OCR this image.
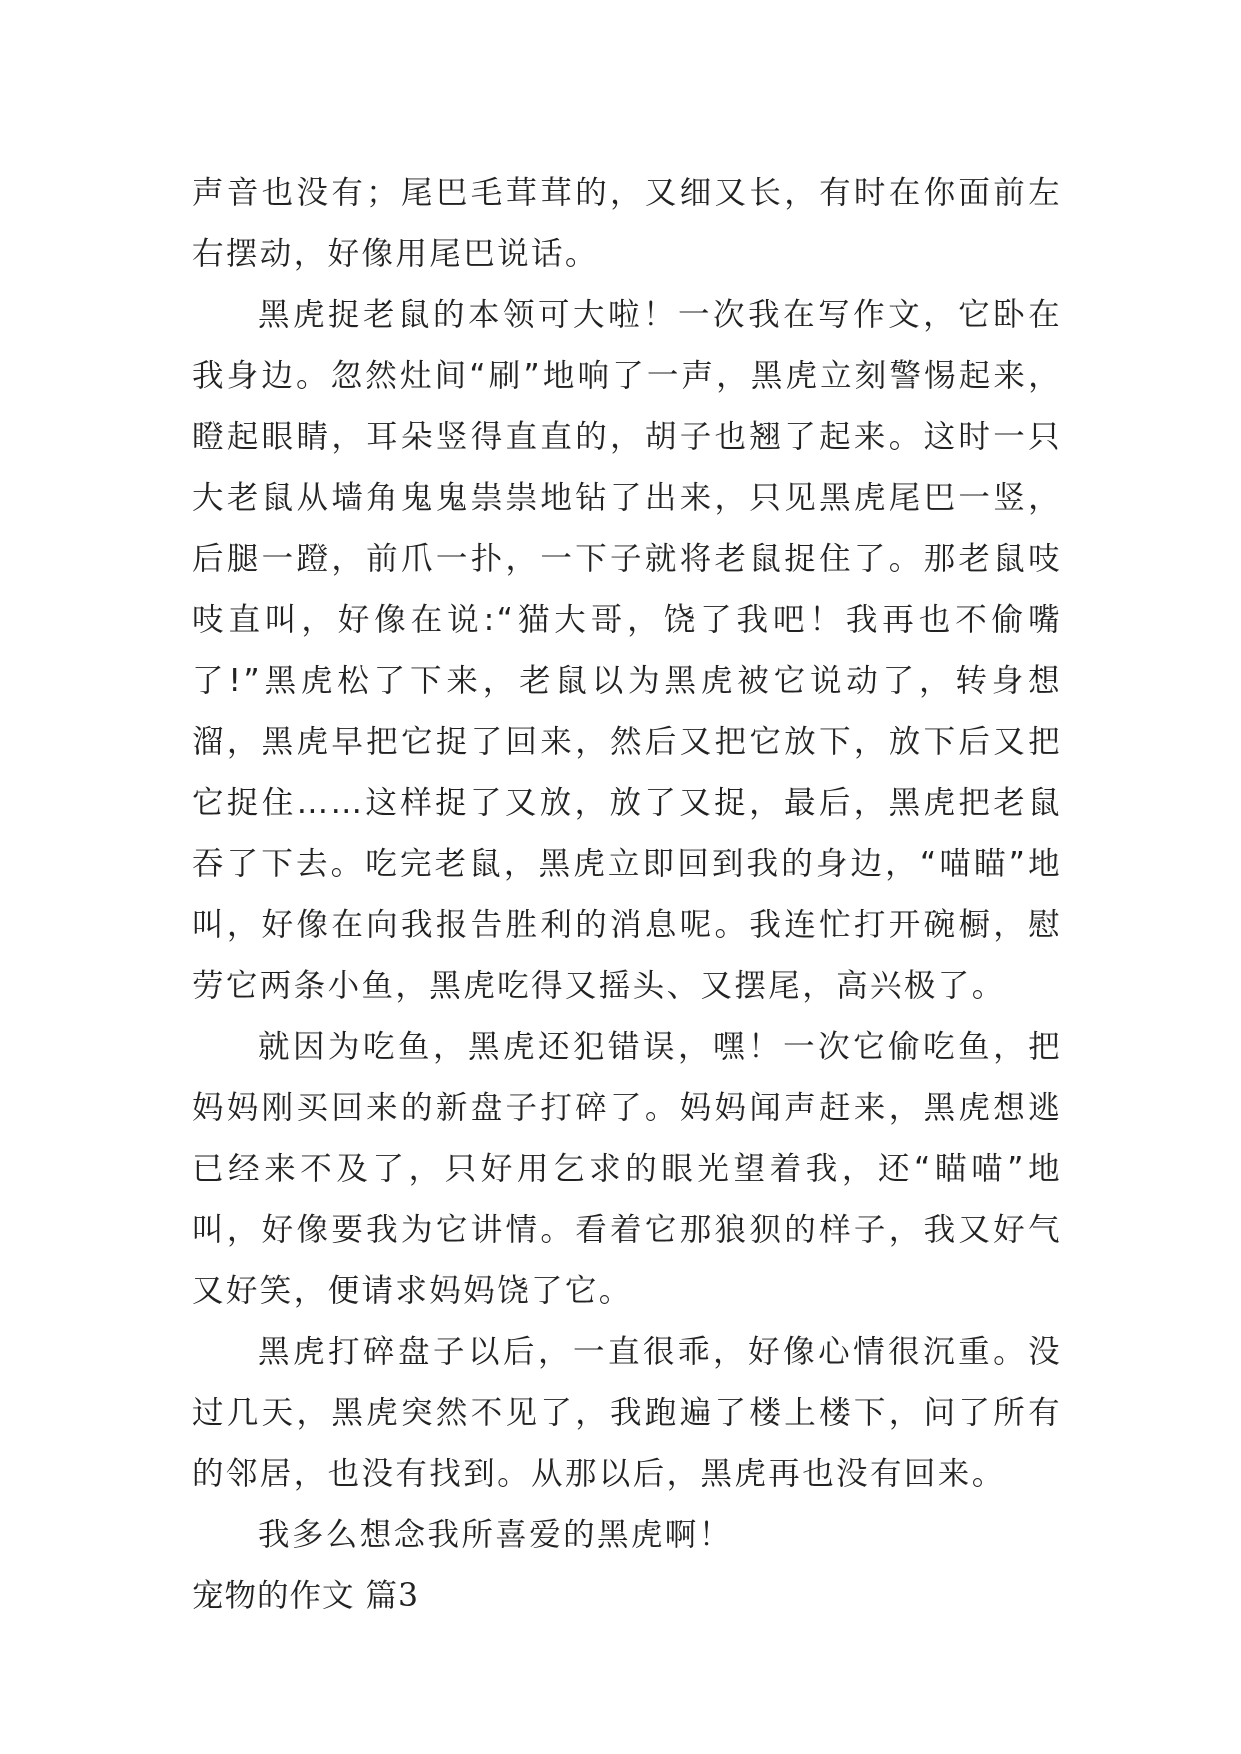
声音也没有；尾巴毛茸茸的，又细又长，有时在你面前左右摆动，好像用尾巴说话。

黑虎捉老鼠的本领可大啦！一次我在写作文，它卧在我身边。忽然灶间“刷”地响了一声，黑虎立刻警惕起来，瞪起眼睛，耳朵竖得直直的，胡子也翘了起来。这时一只大老鼠从墙角鬼鬼祟祟地钻了出来，只见黑虎尾巴一竖，后腿一蹬，前爪一扑，一下子就将老鼠捉住了。那老鼠吱吱直叫，好像在说:“猫大哥，饶了我吧！我再也不偷嘴了!”黑虎松了下来，老鼠以为黑虎被它说动了，转身想溜，黑虎早把它捉了回来，然后又把它放下，放下后又把它捉住……这样捉了又放，放了又捉，最后，黑虎把老鼠吞了下去。吃完老鼠，黑虎立即回到我的身边，“喵瞄”地叫，好像在向我报告胜利的消息呢。我连忙打开碗橱，慰劳它两条小鱼，黑虎吃得又摇头、又摆尾，高兴极了。

就因为吃鱼，黑虎还犯错误，嘿！一次它偷吃鱼，把妈妈刚买回来的新盘子打碎了。妈妈闻声赶来，黑虎想逃已经来不及了，只好用乞求的眼光望着我，还“瞄喵”地叫，好像要我为它讲情。看着它那狼狈的样子，我又好气又好笑，便请求妈妈饶了它。

黑虎打碎盘子以后，一直很乖，好像心情很沉重。没过几天，黑虎突然不见了，我跑遍了楼上楼下，问了所有的邻居，也没有找到。从那以后，黑虎再也没有回来。

我多么想念我所喜爱的黑虎啊！

宠物的作文 篇3
